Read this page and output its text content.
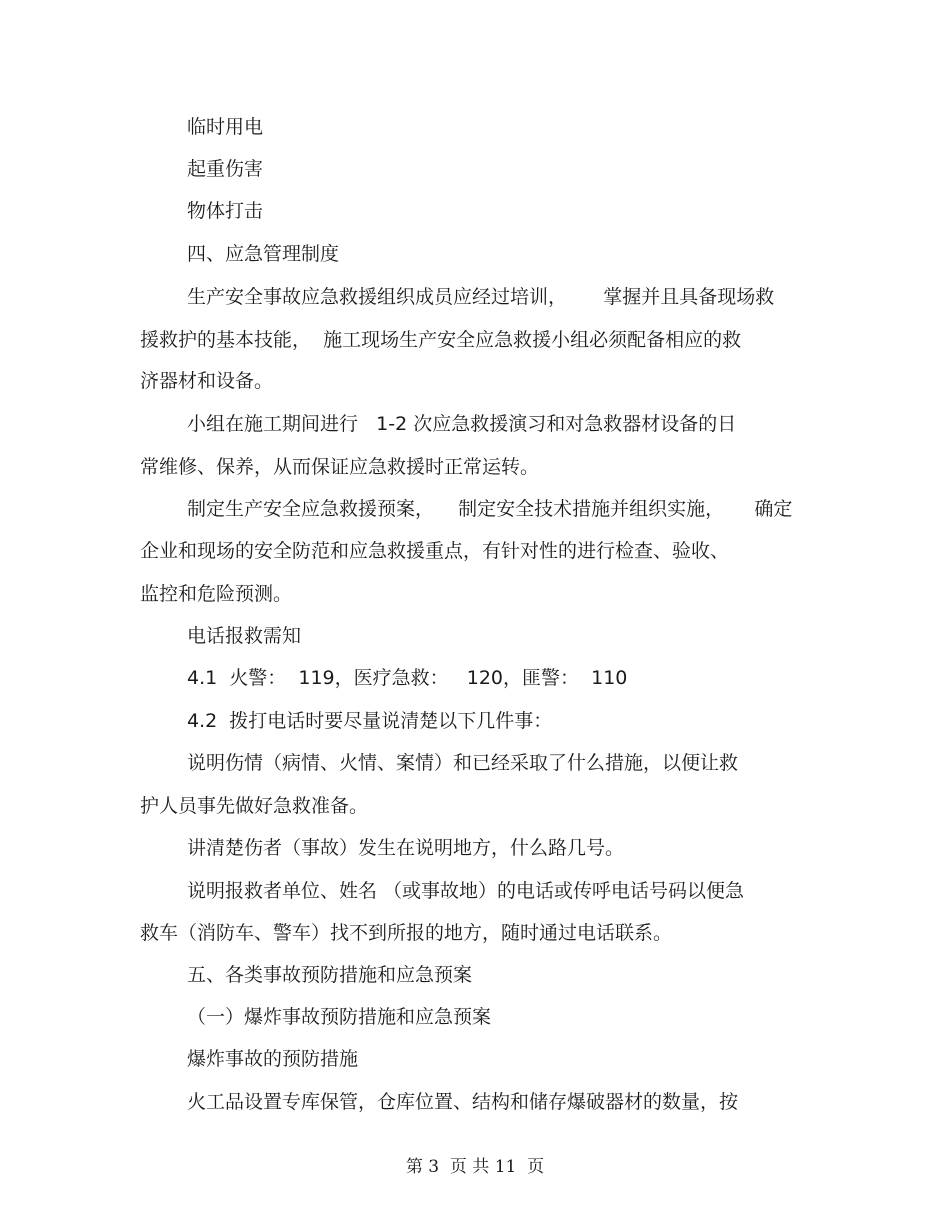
临时用电
起重伤害
物体打击
四、应急管理制度
生产安全事故应急救援组织成员应经过培训，      掌握并且具备现场救
援救护的基本技能，  施工现场生产安全应急救援小组必须配备相应的救
济器材和设备。
小组在施工期间进行   1-2 次应急救援演习和对急救器材设备的日
常维修、保养，从而保证应急救援时正常运转。
制定生产安全应急救援预案，    制定安全技术措施并组织实施，     确定
企业和现场的安全防范和应急救援重点，有针对性的进行检查、验收、
监控和危险预测。
电话报救需知
4.1  火警：  119，医疗急救：   120，匪警：  110
4.2  拨打电话时要尽量说清楚以下几件事：
说明伤情（病情、火情、案情）和已经采取了什么措施，以便让救
护人员事先做好急救准备。
讲清楚伤者（事故）发生在说明地方，什么路几号。
说明报救者单位、姓名 （或事故地）的电话或传呼电话号码以便急
救车（消防车、警车）找不到所报的地方，随时通过电话联系。
五、各类事故预防措施和应急预案
（一）爆炸事故预防措施和应急预案
爆炸事故的预防措施
火工品设置专库保管，仓库位置、结构和储存爆破器材的数量，按
第 3  页 共 11  页
